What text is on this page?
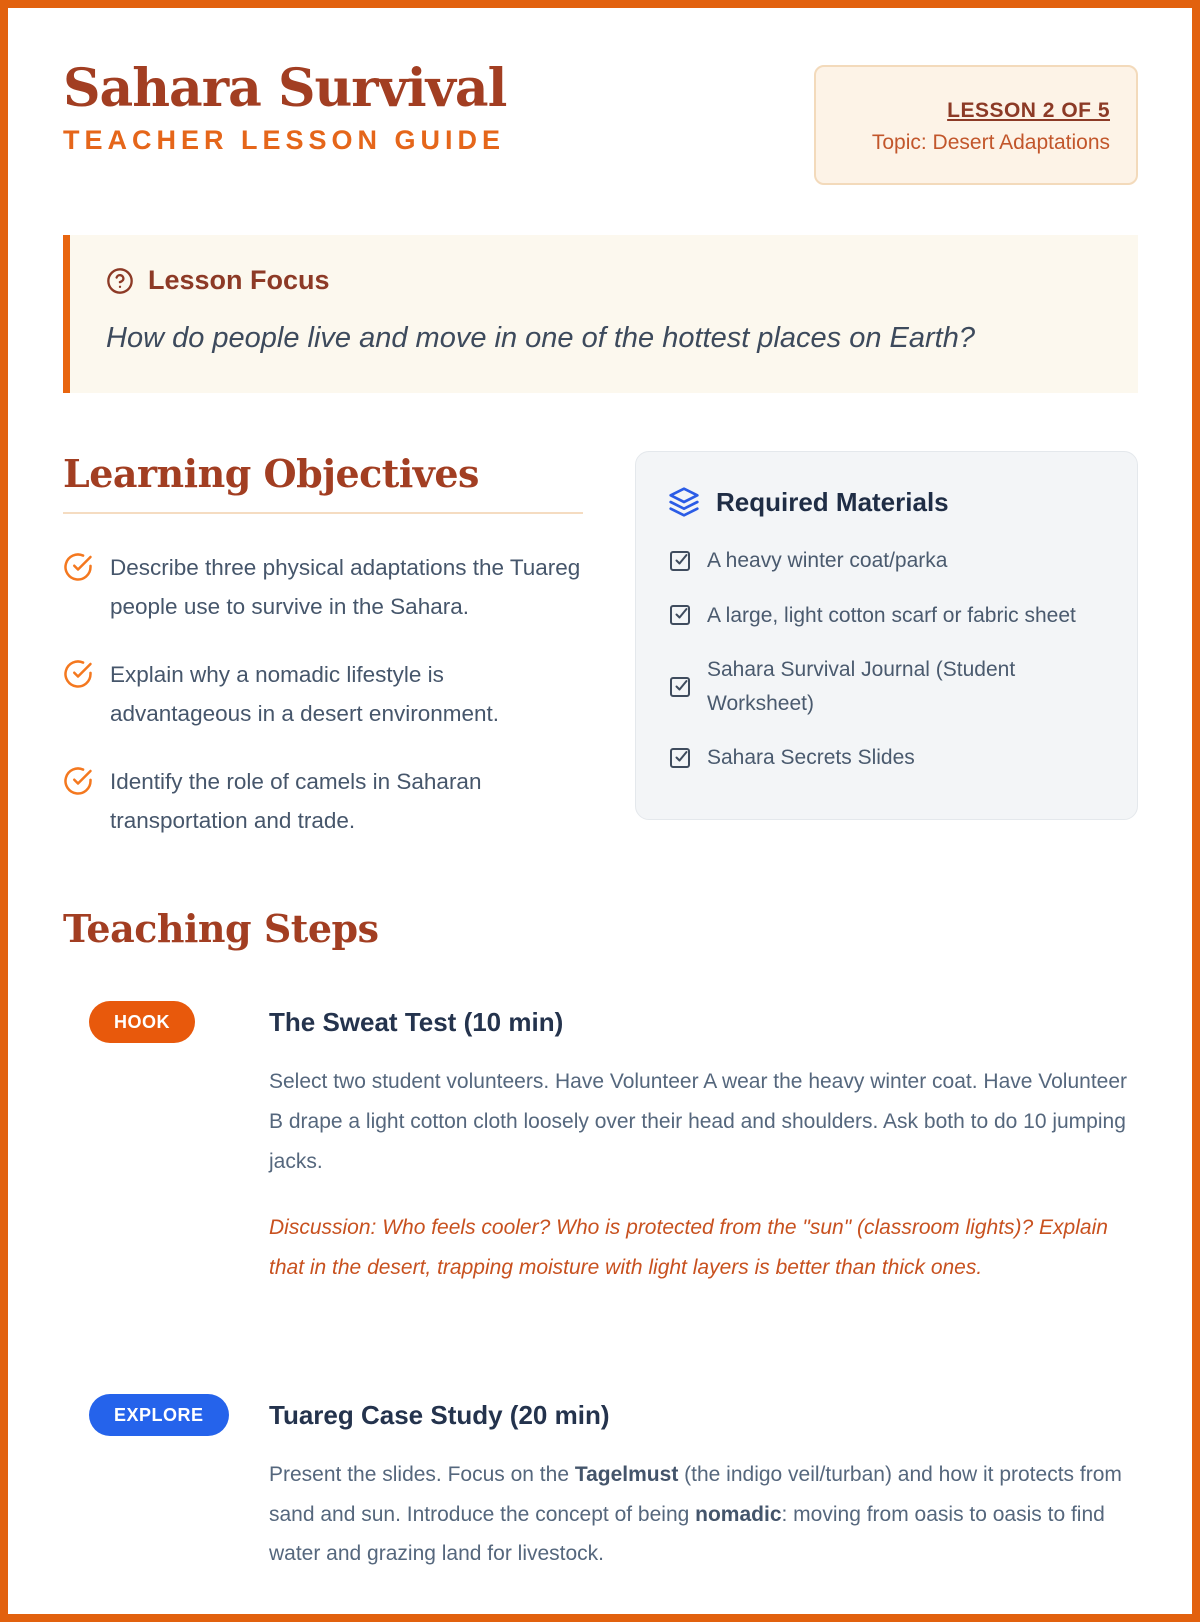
Sahara Survival
TEACHER LESSON GUIDE
LESSON 2 OF 5
Topic: Desert Adaptations
Lesson Focus
How do people live and move in one of the hottest places on Earth?
Learning Objectives
Describe three physical adaptations the Tuareg people use to survive in the Sahara.
Explain why a nomadic lifestyle is advantageous in a desert environment.
Identify the role of camels in Saharan transportation and trade.
Required Materials
A heavy winter coat/parka
A large, light cotton scarf or fabric sheet
Sahara Survival Journal (Student Worksheet)
Sahara Secrets Slides
Teaching Steps
HOOK	The Sweat Test (10 min)

Select two student volunteers. Have Volunteer A wear the heavy winter coat. Have Volunteer B drape a light cotton cloth loosely over their head and shoulders. Ask both to do 10 jumping jacks.

Discussion: Who feels cooler? Who is protected from the "sun" (classroom lights)? Explain that in the desert, trapping moisture with light layers is better than thick ones.

EXPLORE	Tuareg Case Study (20 min)

Present the slides. Focus on the Tagelmust (the indigo veil/turban) and how it protects from sand and sun. Introduce the concept of being nomadic: moving from oasis to oasis to find water and grazing land for livestock.
